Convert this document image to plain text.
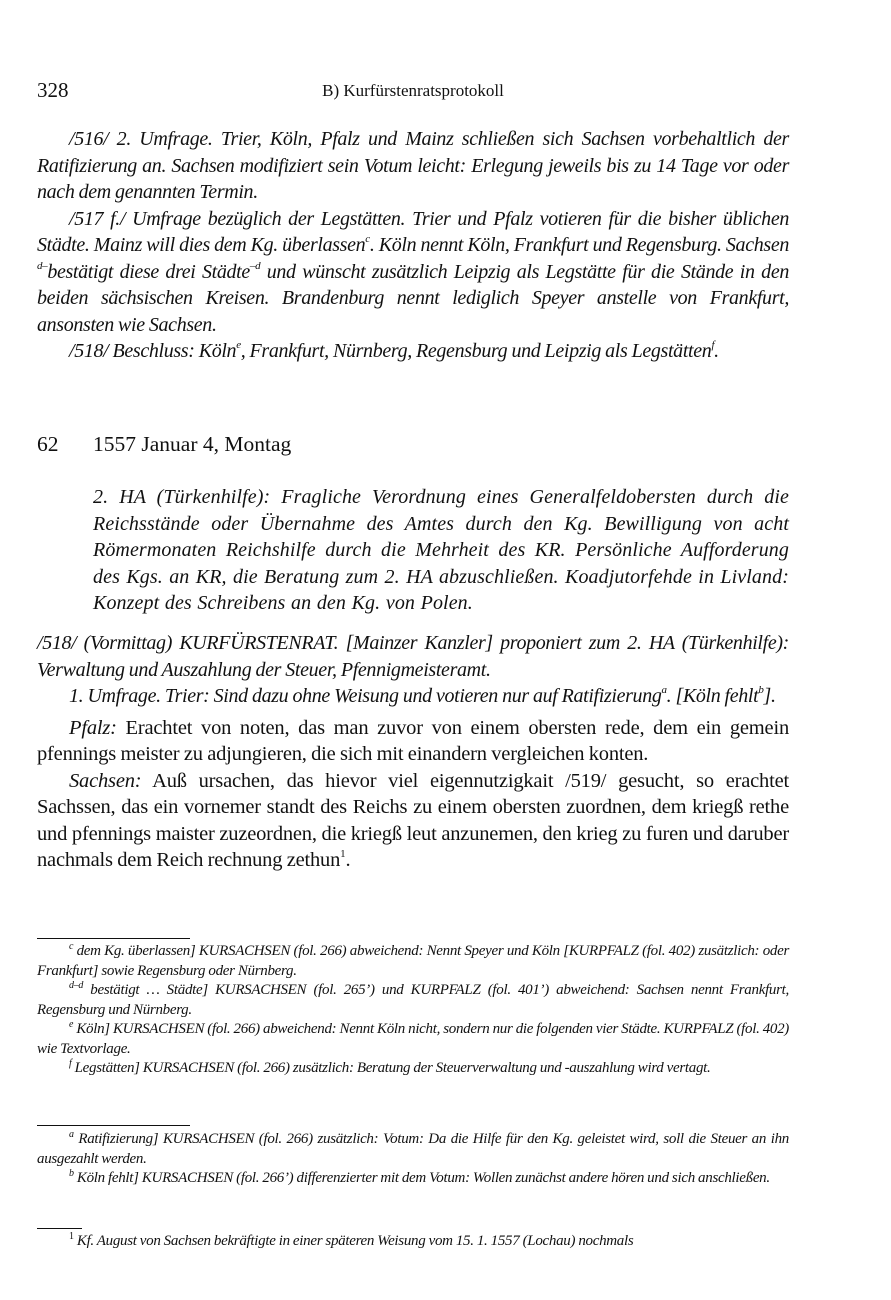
328	B) Kurfürstenratsprotokoll

/516/ 2. Umfrage. Trier, Köln, Pfalz und Mainz schließen sich Sachsen vorbehaltlich der Ratifizierung an. Sachsen modifiziert sein Votum leicht: Erlegung jeweils bis zu 14 Tage vor oder nach dem genannten Termin.

/517 f./ Umfrage bezüglich der Legstätten. Trier und Pfalz votieren für die bisher üblichen Städte. Mainz will dies dem Kg. überlassen$^c$. Köln nennt Köln, Frankfurt und Regensburg. Sachsen $^{d-}$bestätigt diese drei Städte$^{-d}$ und wünscht zusätzlich Leipzig als Legstätte für die Stände in den beiden sächsischen Kreisen. Brandenburg nennt lediglich Speyer anstelle von Frankfurt, ansonsten wie Sachsen.

/518/ Beschluss: Köln$^e$, Frankfurt, Nürnberg, Regensburg und Leipzig als Legstätten$^f$.

62 1557 Januar 4, Montag

2. HA (Türkenhilfe): Fragliche Verordnung eines Generalfeldobersten durch die Reichsstände oder Übernahme des Amtes durch den Kg. Bewilligung von acht Römermonaten Reichshilfe durch die Mehrheit des KR. Persönliche Aufforderung des Kgs. an KR, die Beratung zum 2. HA abzuschließen. Koadjutorfehde in Livland: Konzept des Schreibens an den Kg. von Polen.

/518/ (Vormittag) KURFÜRSTENRAT. [Mainzer Kanzler] proponiert zum 2. HA (Türkenhilfe): Verwaltung und Auszahlung der Steuer, Pfennigmeisteramt.

1. Umfrage. Trier: Sind dazu ohne Weisung und votieren nur auf Ratifizierung$^a$. [Köln fehlt$^b$].

Pfalz: Erachtet von noten, das man zuvor von einem obersten rede, dem ein gemein pfennings meister zu adjungieren, die sich mit einandern vergleichen konten.

Sachsen: Auß ursachen, das hievor viel eigennutzigkait /519/ gesucht, so erachtet Sachssen, das ein vornemer standt des Reichs zu einem obersten zuordnen, dem kriegß rethe und pfennings maister zuzeordnen, die kriegß leut anzunemen, den krieg zu furen und daruber nachmals dem Reich rechnung zethun$^1$.

$^c$ dem Kg. überlassen] KURSACHSEN (fol. 266) abweichend: Nennt Speyer und Köln [KURPFALZ (fol. 402) zusätzlich: oder Frankfurt] sowie Regensburg oder Nürnberg.

$^{d-d}$ bestätigt … Städte] KURSACHSEN (fol. 265’) und KURPFALZ (fol. 401’) abweichend: Sachsen nennt Frankfurt, Regensburg und Nürnberg.

$^e$ Köln] KURSACHSEN (fol. 266) abweichend: Nennt Köln nicht, sondern nur die folgenden vier Städte. KURPFALZ (fol. 402) wie Textvorlage.

$^f$ Legstätten] KURSACHSEN (fol. 266) zusätzlich: Beratung der Steuerverwaltung und -auszahlung wird vertagt.

$^a$ Ratifizierung] KURSACHSEN (fol. 266) zusätzlich: Votum: Da die Hilfe für den Kg. geleistet wird, soll die Steuer an ihn ausgezahlt werden.

$^b$ Köln fehlt] KURSACHSEN (fol. 266’) differenzierter mit dem Votum: Wollen zunächst andere hören und sich anschließen.

$^1$ Kf. August von Sachsen bekräftigte in einer späteren Weisung vom 15. 1. 1557 (Lochau) nochmals
